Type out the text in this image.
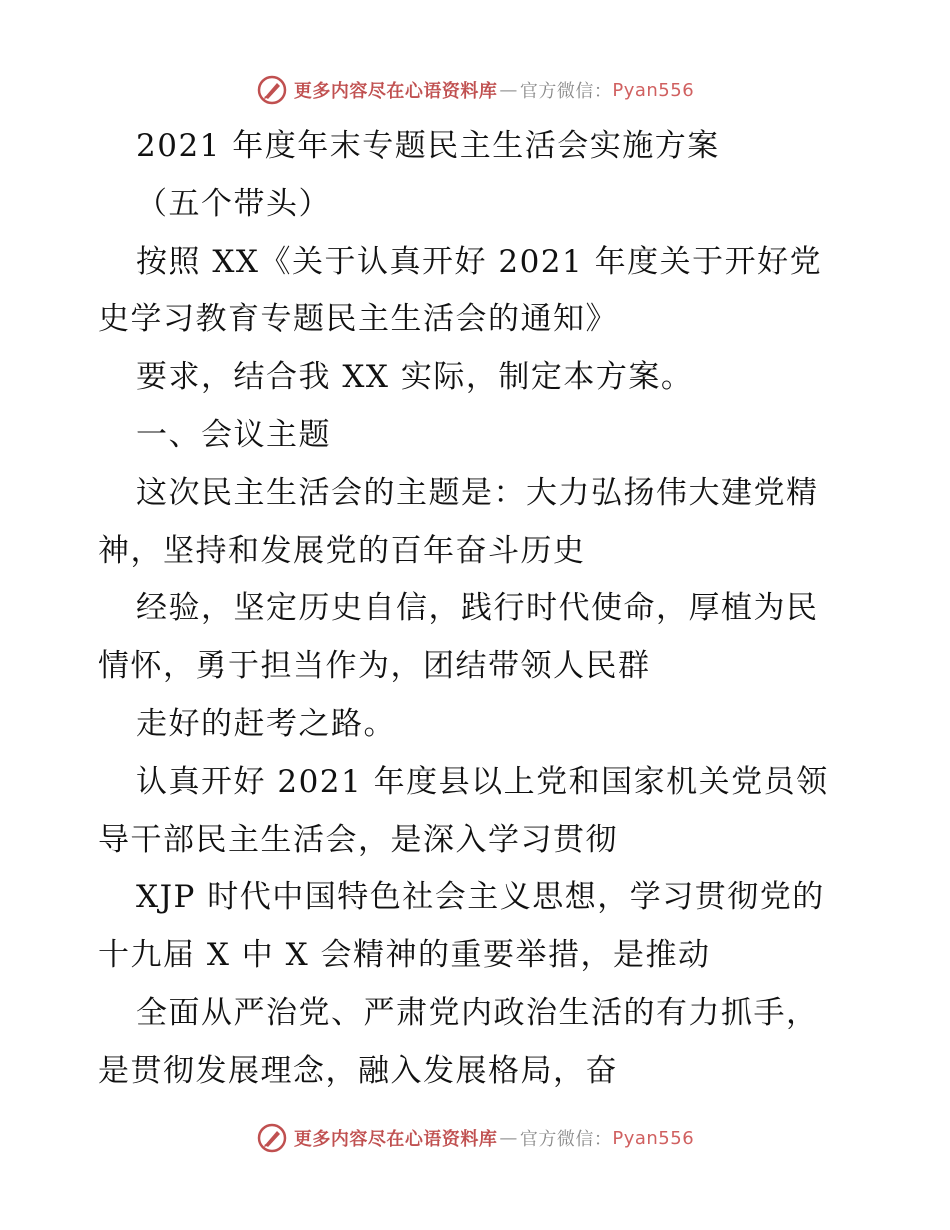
更多内容尽在心语资料库 — 官方微信： Pyan556
2021 年度年末专题民主生活会实施方案
（五个带头）
按照 XX《关于认真开好 2021 年度关于开好党
史学习教育专题民主生活会的通知》
要求，结合我 XX 实际，制定本方案。
一、会议主题
这次民主生活会的主题是：大力弘扬伟大建党精
神，坚持和发展党的百年奋斗历史
经验，坚定历史自信，践行时代使命，厚植为民
情怀，勇于担当作为，团结带领人民群
走好的赶考之路。
认真开好 2021 年度县以上党和国家机关党员领
导干部民主生活会，是深入学习贯彻
XJP 时代中国特色社会主义思想，学习贯彻党的
十九届 X 中 X 会精神的重要举措，是推动
全面从严治党、严肃党内政治生活的有力抓手，
是贯彻发展理念，融入发展格局，奋
更多内容尽在心语资料库 — 官方微信： Pyan556
